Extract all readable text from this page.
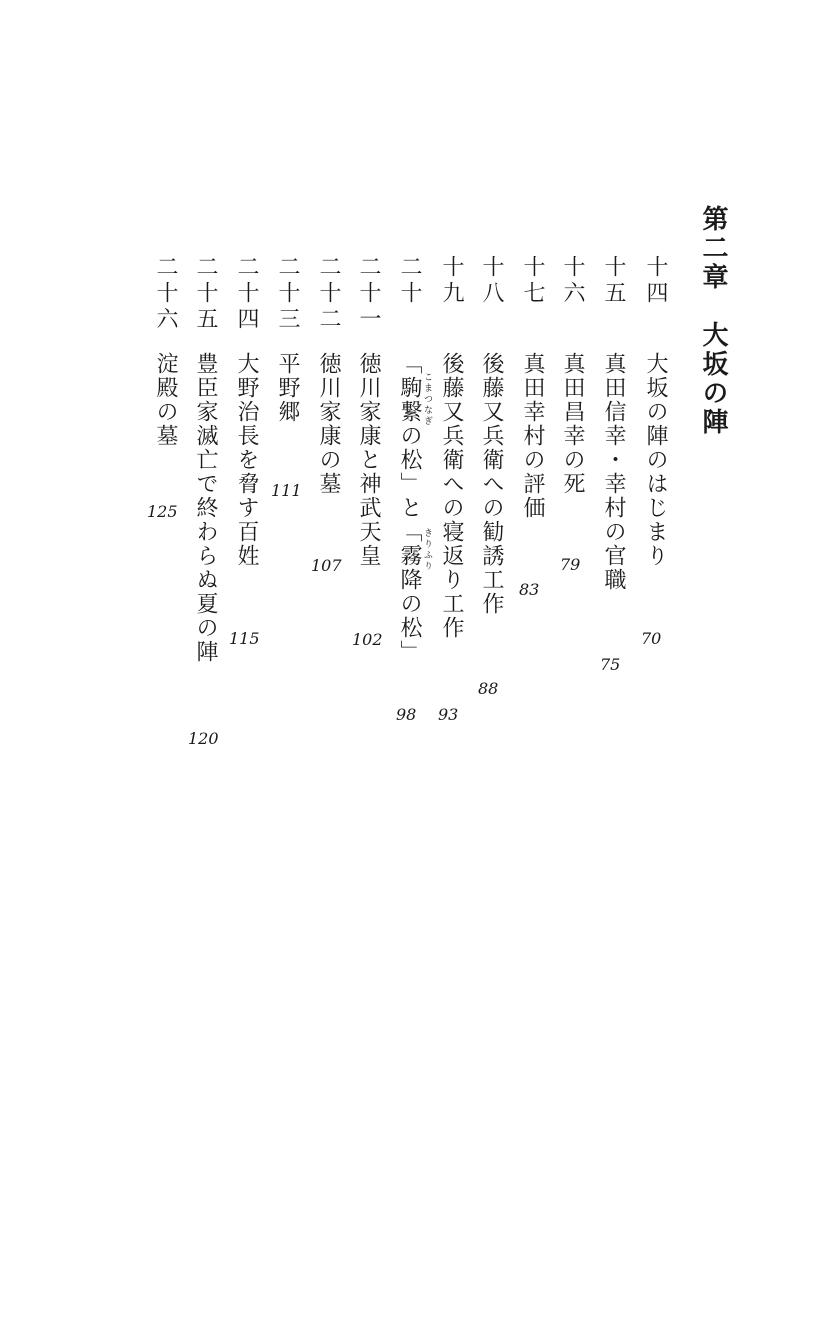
第二章　大坂の陣
十四
大坂の陣のはじまり
70
十五
真田信幸・幸村の官職
75
十六
真田昌幸の死
79
十七
真田幸村の評価
83
十八
後藤又兵衛への勧誘工作
88
十九
後藤又兵衛への寝返り工作
93
二十
「駒繋の松」と「霧降の松」
こまつなぎ
きりふり
98
二十一
徳川家康と神武天皇
102
二十二
徳川家康の墓
107
二十三
平野郷
111
二十四
大野治長を脅す百姓
115
二十五
豊臣家滅亡で終わらぬ夏の陣
120
二十六
淀殿の墓
125
